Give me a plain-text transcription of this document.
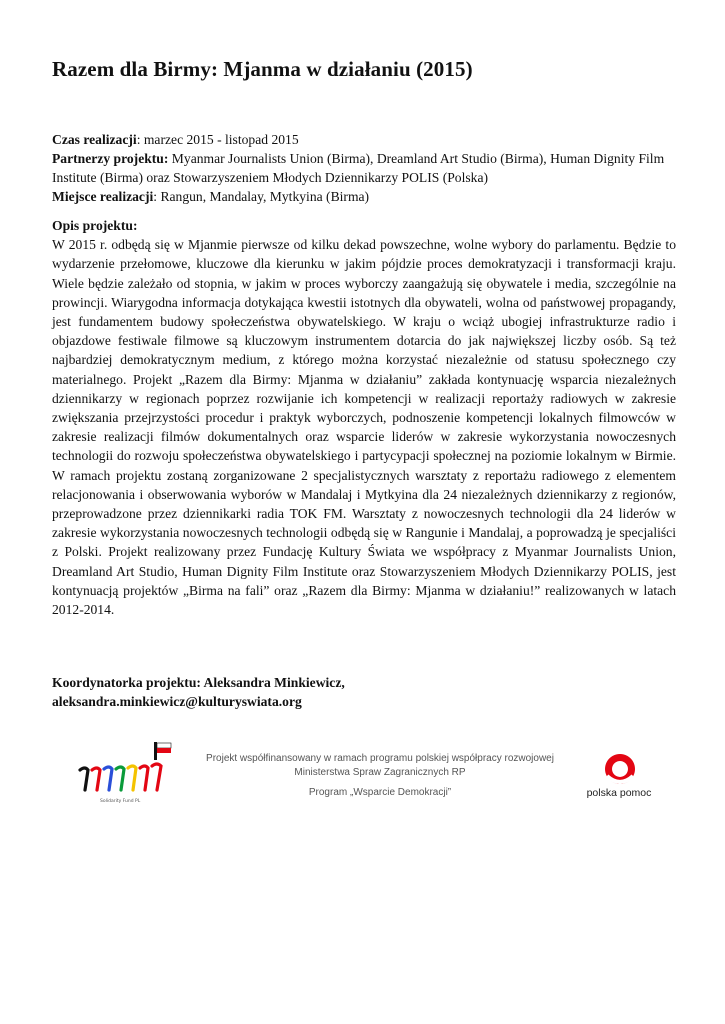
Razem dla Birmy: Mjanma w działaniu (2015)

Czas realizacji: marzec 2015 - listopad 2015

Partnerzy projektu: Myanmar Journalists Union (Birma), Dreamland Art Studio (Birma), Human Dignity Film Institute (Birma) oraz Stowarzyszeniem Młodych Dziennikarzy POLIS (Polska)

Miejsce realizacji: Rangun, Mandalay, Mytkyina (Birma)

Opis projektu:

W 2015 r. odbędą się w Mjanmie pierwsze od kilku dekad powszechne, wolne wybory do parlamentu. Będzie to wydarzenie przełomowe, kluczowe dla kierunku w jakim pójdzie proces demokratyzacji i transformacji kraju. Wiele będzie zależało od stopnia, w jakim w proces wyborczy zaangażują się obywatele i media, szczególnie na prowincji. Wiarygodna informacja dotykająca kwestii istotnych dla obywateli, wolna od państwowej propagandy, jest fundamentem budowy społeczeństwa obywatelskiego. W kraju o wciąż ubogiej infrastrukturze radio i objazdowe festiwale filmowe są kluczowym instrumentem dotarcia do jak największej liczby osób. Są też najbardziej demokratycznym medium, z którego można korzystać niezależnie od statusu społecznego czy materialnego. Projekt „Razem dla Birmy: Mjanma w działaniu” zakłada kontynuację wsparcia niezależnych dziennikarzy w regionach poprzez rozwijanie ich kompetencji w realizacji reportaży radiowych w zakresie zwiększania przejrzystości procedur i praktyk wyborczych, podnoszenie kompetencji lokalnych filmowców w zakresie realizacji filmów dokumentalnych oraz wsparcie liderów w zakresie wykorzystania nowoczesnych technologii do rozwoju społeczeństwa obywatelskiego i partycypacji społecznej na poziomie lokalnym w Birmie. W ramach projektu zostaną zorganizowane 2 specjalistycznych warsztaty z reportażu radiowego z elementem relacjonowania i obserwowania wyborów w Mandalaj i Mytkyina dla 24 niezależnych dziennikarzy z regionów, przeprowadzone przez dziennikarki radia TOK FM. Warsztaty z nowoczesnych technologii dla 24 liderów w zakresie wykorzystania nowoczesnych technologii odbędą się w Rangunie i Mandalaj, a poprowadzą je specjaliści z Polski. Projekt realizowany przez Fundację Kultury Świata we współpracy z Myanmar Journalists Union, Dreamland Art Studio, Human Dignity Film Institute oraz Stowarzyszeniem Młodych Dziennikarzy POLIS, jest kontynuacją projektów „Birma na fali” oraz „Razem dla Birmy: Mjanma w działaniu!” realizowanych w latach 2012-2014.

Koordynatorka projektu: Aleksandra Minkiewicz,

aleksandra.minkiewicz@kulturyswiata.org

Solidarity Fund PL

Projekt współfinansowany w ramach programu polskiej współpracy rozwojowej

Ministerstwa Spraw Zagranicznych RP

Program „Wsparcie Demokracji”	polska pomoc
